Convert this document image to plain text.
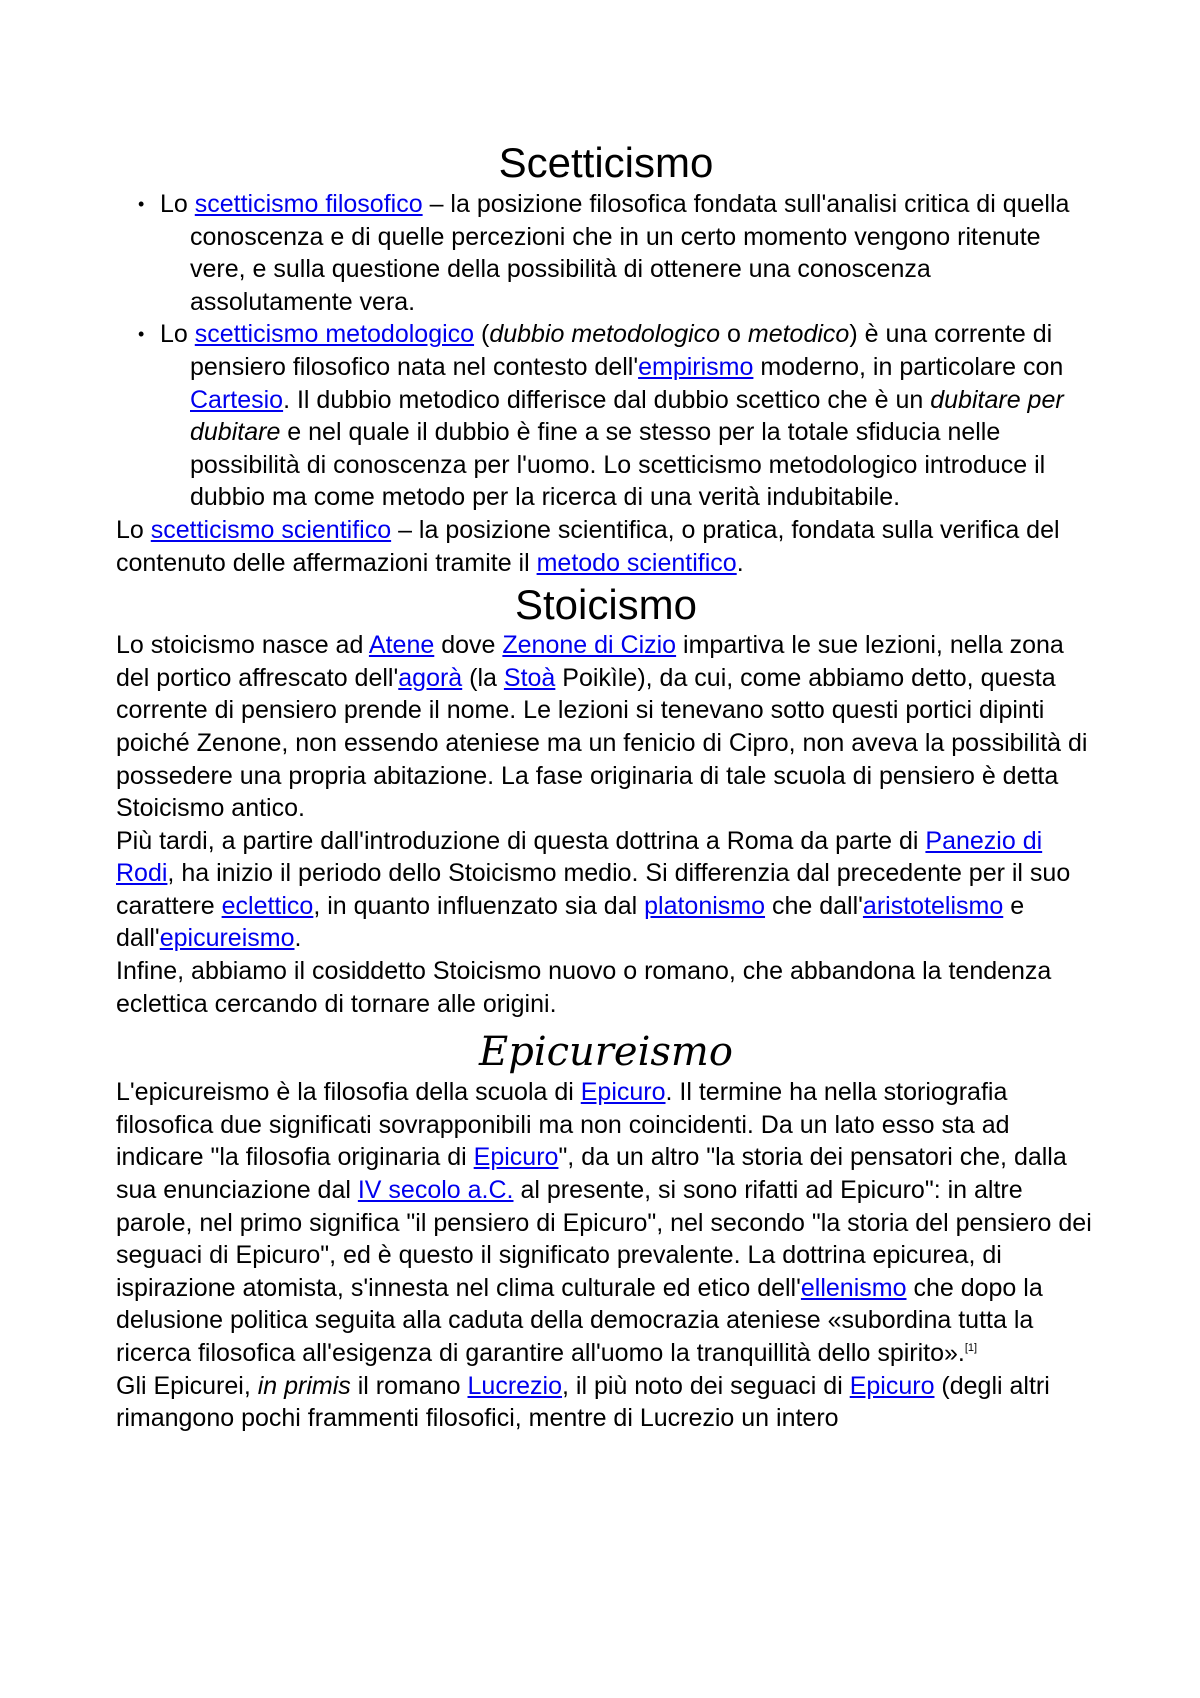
Scetticismo
• Lo scetticismo filosofico – la posizione filosofica fondata sull'analisi critica di quella conoscenza e di quelle percezioni che in un certo momento vengono ritenute vere, e sulla questione della possibilità di ottenere una conoscenza assolutamente vera.
• Lo scetticismo metodologico (dubbio metodologico o metodico) è una corrente di pensiero filosofico nata nel contesto dell'empirismo moderno, in particolare con Cartesio. Il dubbio metodico differisce dal dubbio scettico che è un dubitare per dubitare e nel quale il dubbio è fine a se stesso per la totale sfiducia nelle possibilità di conoscenza per l'uomo. Lo scetticismo metodologico introduce il dubbio ma come metodo per la ricerca di una verità indubitabile.

Lo scetticismo scientifico – la posizione scientifica, o pratica, fondata sulla verifica del contenuto delle affermazioni tramite il metodo scientifico.

Stoicismo

Lo stoicismo nasce ad Atene dove Zenone di Cizio impartiva le sue lezioni, nella zona del portico affrescato dell'agorà (la Stoà Poikìle), da cui, come abbiamo detto, questa corrente di pensiero prende il nome. Le lezioni si tenevano sotto questi portici dipinti poiché Zenone, non essendo ateniese ma un fenicio di Cipro, non aveva la possibilità di possedere una propria abitazione. La fase originaria di tale scuola di pensiero è detta Stoicismo antico.

Più tardi, a partire dall'introduzione di questa dottrina a Roma da parte di Panezio di Rodi, ha inizio il periodo dello Stoicismo medio. Si differenzia dal precedente per il suo carattere eclettico, in quanto influenzato sia dal platonismo che dall'aristotelismo e dall'epicureismo.

Infine, abbiamo il cosiddetto Stoicismo nuovo o romano, che abbandona la tendenza eclettica cercando di tornare alle origini.

Epicureismo

L'epicureismo è la filosofia della scuola di Epicuro. Il termine ha nella storiografia filosofica due significati sovrapponibili ma non coincidenti. Da un lato esso sta ad indicare "la filosofia originaria di Epicuro", da un altro "la storia dei pensatori che, dalla sua enunciazione dal IV secolo a.C. al presente, si sono rifatti ad Epicuro": in altre parole, nel primo significa "il pensiero di Epicuro", nel secondo "la storia del pensiero dei seguaci di Epicuro", ed è questo il significato prevalente. La dottrina epicurea, di ispirazione atomista, s'innesta nel clima culturale ed etico dell'ellenismo che dopo la delusione politica seguita alla caduta della democrazia ateniese «subordina tutta la ricerca filosofica all'esigenza di garantire all'uomo la tranquillità dello spirito».[1]

Gli Epicurei, in primis il romano Lucrezio, il più noto dei seguaci di Epicuro (degli altri rimangono pochi frammenti filosofici, mentre di Lucrezio un intero
